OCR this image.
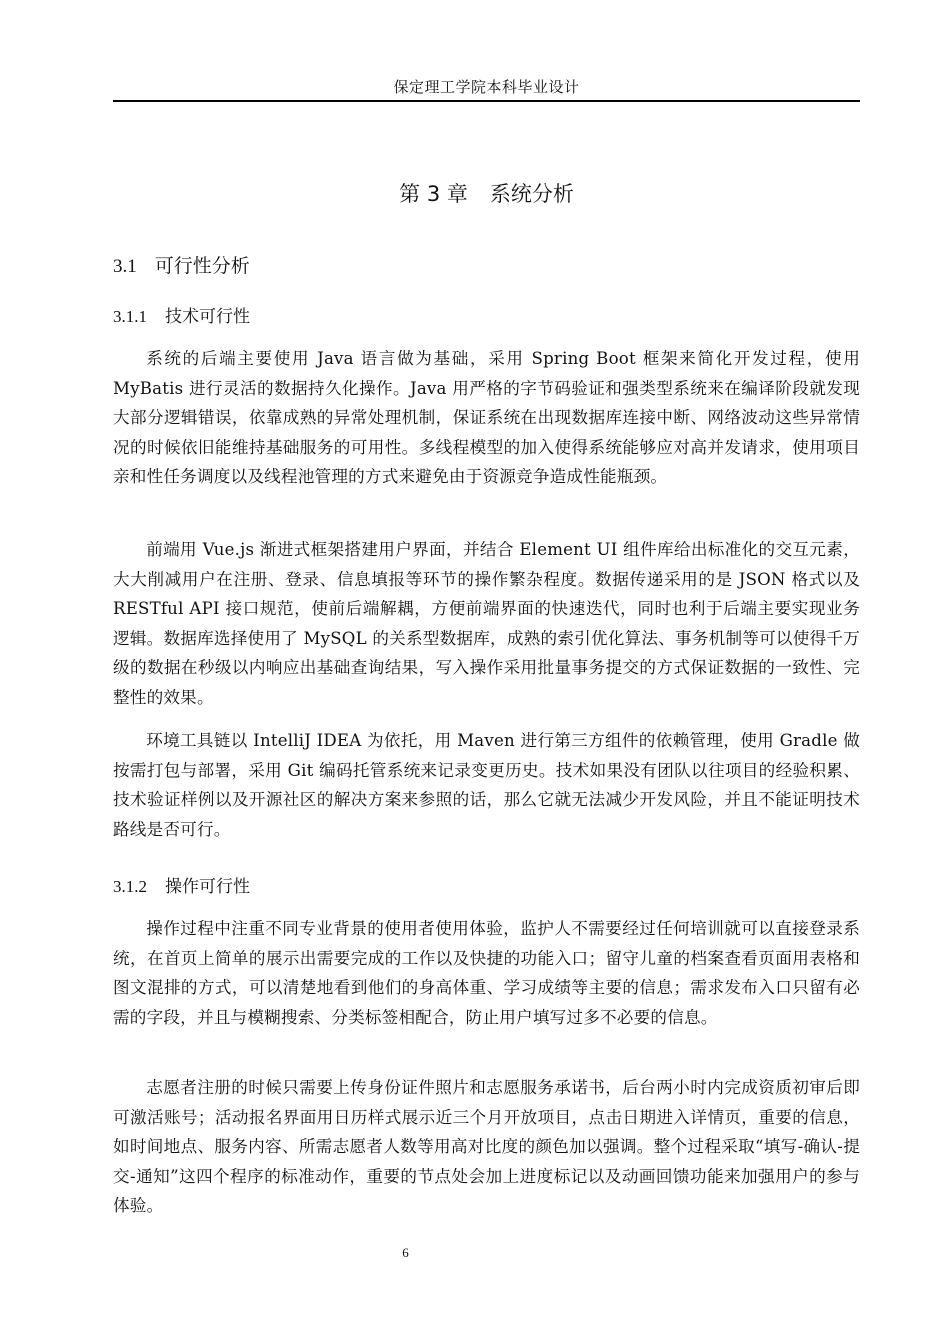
保定理工学院本科毕业设计
第 3 章 系统分析
3.1 可行性分析
3.1.1 技术可行性

系统的后端主要使用 Java 语言做为基础，采用 Spring Boot 框架来简化开发过程，使用 MyBatis 进行灵活的数据持久化操作。Java 用严格的字节码验证和强类型系统来在编译阶段就发现大部分逻辑错误，依靠成熟的异常处理机制，保证系统在出现数据库连接中断、网络波动这些异常情况的时候依旧能维持基础服务的可用性。多线程模型的加入使得系统能够应对高并发请求，使用项目亲和性任务调度以及线程池管理的方式来避免由于资源竞争造成性能瓶颈。

前端用 Vue.js 渐进式框架搭建用户界面，并结合 Element UI 组件库给出标准化的交互元素，大大削减用户在注册、登录、信息填报等环节的操作繁杂程度。数据传递采用的是 JSON 格式以及 RESTful API 接口规范，使前后端解耦，方便前端界面的快速迭代，同时也利于后端主要实现业务逻辑。数据库选择使用了 MySQL 的关系型数据库，成熟的索引优化算法、事务机制等可以使得千万级的数据在秒级以内响应出基础查询结果，写入操作采用批量事务提交的方式保证数据的一致性、完整性的效果。

环境工具链以 IntelliJ IDEA 为依托，用 Maven 进行第三方组件的依赖管理，使用 Gradle 做按需打包与部署，采用 Git 编码托管系统来记录变更历史。技术如果没有团队以往项目的经验积累、技术验证样例以及开源社区的解决方案来参照的话，那么它就无法减少开发风险，并且不能证明技术路线是否可行。

3.1.2 操作可行性

操作过程中注重不同专业背景的使用者使用体验，监护人不需要经过任何培训就可以直接登录系统，在首页上简单的展示出需要完成的工作以及快捷的功能入口；留守儿童的档案查看页面用表格和图文混排的方式，可以清楚地看到他们的身高体重、学习成绩等主要的信息；需求发布入口只留有必需的字段，并且与模糊搜索、分类标签相配合，防止用户填写过多不必要的信息。

志愿者注册的时候只需要上传身份证件照片和志愿服务承诺书，后台两小时内完成资质初审后即可激活账号；活动报名界面用日历样式展示近三个月开放项目，点击日期进入详情页，重要的信息，如时间地点、服务内容、所需志愿者人数等用高对比度的颜色加以强调。整个过程采取“填写-确认-提交-通知”这四个程序的标准动作，重要的节点处会加上进度标记以及动画回馈功能来加强用户的参与体验。

6
